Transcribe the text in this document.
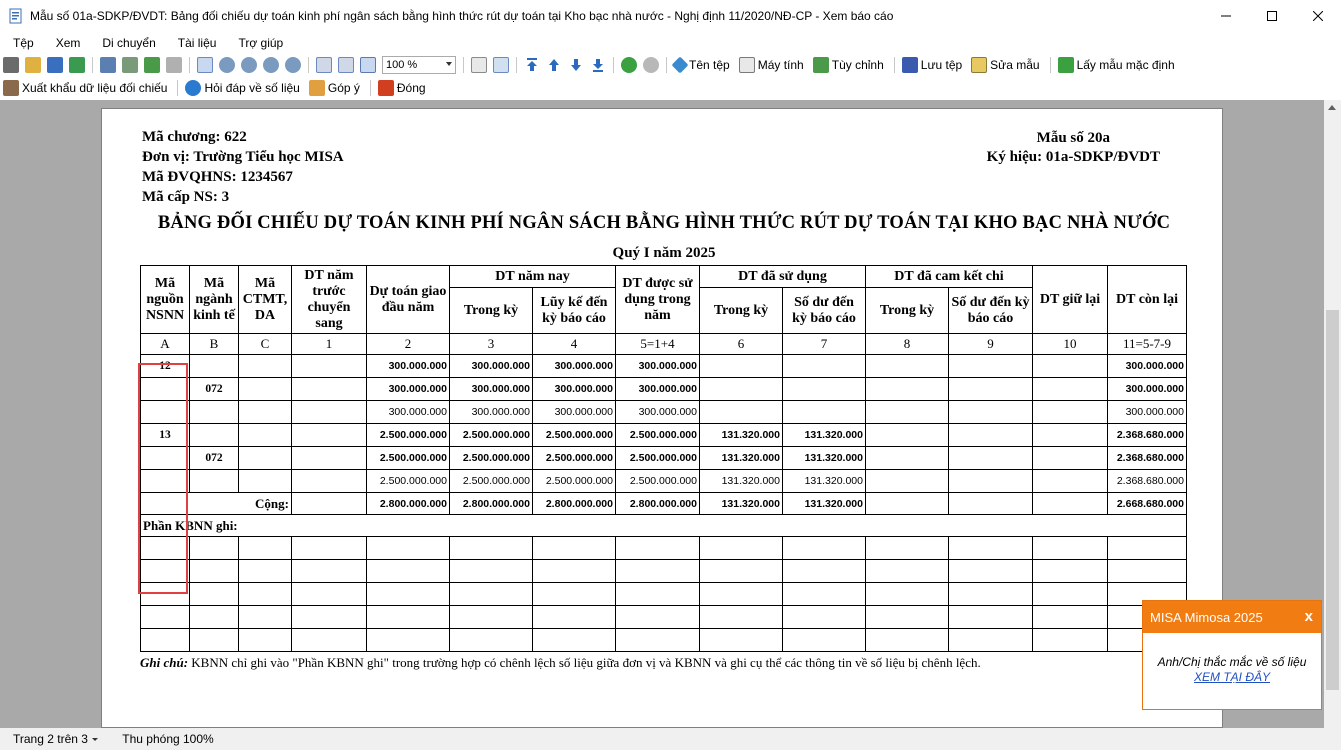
Mẫu số 01a-SDKP/ĐVDT: Bảng đối chiếu dự toán kinh phí ngân sách bằng hình thức rút dự toán tại Kho bạc nhà nước - Nghị định 11/2020/NĐ-CP - Xem báo cáo
Tệp	Xem	Di chuyển	Tài liệu	Trợ giúp
100 %	Tên tệp Máy tính Tùy chỉnh	Lưu tệp Sửa mẫu	Lấy mẫu mặc định
Xuất khẩu dữ liệu đối chiếu	Hỏi đáp về số liệu Góp ý	Đóng
Mã chương: 622
Đơn vị: Trường Tiểu học MISA
Mã ĐVQHNS: 1234567
Mã cấp NS: 3
Mẫu số 20a
Ký hiệu: 01a-SDKP/ĐVDT
BẢNG ĐỐI CHIẾU DỰ TOÁN KINH PHÍ NGÂN SÁCH BẰNG HÌNH THỨC RÚT DỰ TOÁN TẠI KHO BẠC NHÀ NƯỚC
Quý I năm 2025
Mã nguồn NSNN	Mã ngành kinh tế	Mã CTMT, DA	DT năm trước chuyển sang	Dự toán giao đầu năm	DT năm nay		DT được sử dụng trong năm	DT đã sử dụng		DT đã cam kết chi		DT giữ lại	DT còn lại
					Trong kỳ	Lũy kế đến kỳ báo cáo		Trong kỳ	Số dư đến kỳ báo cáo	Trong kỳ	Số dư đến kỳ báo cáo		
A	B	C	1	2	3	4	5=1+4	6	7	8	9	10	11=5-7-9
12				300.000.000	300.000.000	300.000.000	300.000.000						300.000.000
	072			300.000.000	300.000.000	300.000.000	300.000.000						300.000.000
				300.000.000	300.000.000	300.000.000	300.000.000						300.000.000
13				2.500.000.000	2.500.000.000	2.500.000.000	2.500.000.000	131.320.000	131.320.000				2.368.680.000
	072			2.500.000.000	2.500.000.000	2.500.000.000	2.500.000.000	131.320.000	131.320.000				2.368.680.000
				2.500.000.000	2.500.000.000	2.500.000.000	2.500.000.000	131.320.000	131.320.000				2.368.680.000
Cộng:				2.800.000.000	2.800.000.000	2.800.000.000	2.800.000.000	131.320.000	131.320.000				2.668.680.000
Phần KBNN ghi:													

Ghi chú: KBNN chỉ ghi vào "Phần KBNN ghi" trong trường hợp có chênh lệch số liệu giữa đơn vị và KBNN và ghi cụ thể các thông tin về số liệu bị chênh lệch.
MISA Mimosa 2025	x
Anh/Chị thắc mắc về số liệu
XEM TẠI ĐÂY
Trang 2 trên 3	Thu phóng 100%
